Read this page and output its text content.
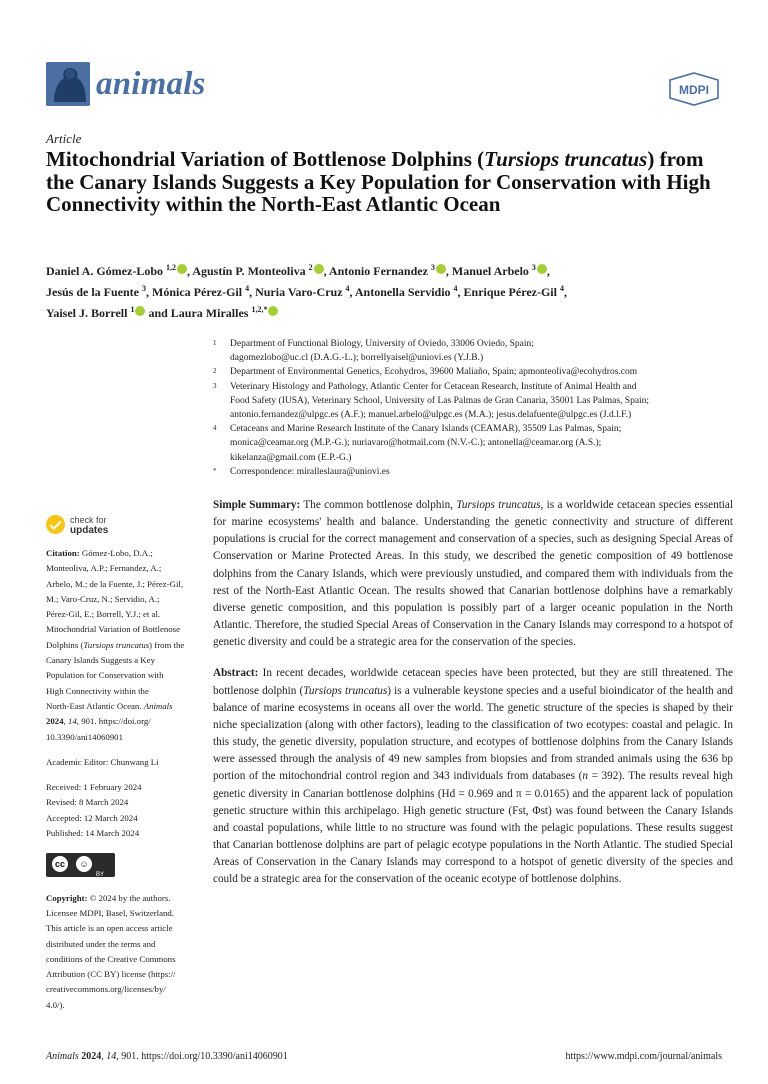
animals	MDPI
Article
Mitochondrial Variation of Bottlenose Dolphins (Tursiops truncatus) from the Canary Islands Suggests a Key Population for Conservation with High Connectivity within the North-East Atlantic Ocean
Daniel A. Gómez-Lobo $^{1,2}$ , Agustín P. Monteoliva $^2$ , Antonio Fernandez $^3$ , Manuel Arbelo $^3$ ,
Jesús de la Fuente $^3$, Mónica Pérez-Gil $^4$, Nuria Varo-Cruz $^4$, Antonella Servidio $^4$, Enrique Pérez-Gil $^4$,
Yaisel J. Borrell $^1$ and Laura Miralles $^{1,2,*}$
1	Department of Functional Biology, University of Oviedo, 33006 Oviedo, Spain;
dagomezlobo@uc.cl (D.A.G.-L.); borrellyaisel@uniovi.es (Y.J.B.)
2	Department of Environmental Genetics, Ecohydros, 39600 Maliaño, Spain; apmonteoliva@ecohydros.com
3	Veterinary Histology and Pathology, Atlantic Center for Cetacean Research, Institute of Animal Health and
Food Safety (IUSA), Veterinary School, University of Las Palmas de Gran Canaria, 35001 Las Palmas, Spain;
antonio.fernandez@ulpgc.es (A.F.); manuel.arbelo@ulpgc.es (M.A.); jesus.delafuente@ulpgc.es (J.d.l.F.)
4	Cetaceans and Marine Research Institute of the Canary Islands (CEAMAR), 35509 Las Palmas, Spain;
monica@ceamar.org (M.P.-G.); nuriavaro@hotmail.com (N.V.-C.); antonella@ceamar.org (A.S.);
kikelanza@gmail.com (E.P.-G.)
*	Correspondence: miralleslaura@uniovi.es
check for
updates
Citation: Gómez-Lobo, D.A.;
Monteoliva, A.P.; Fernandez, A.;
Arbelo, M.; de la Fuente, J.; Pérez-Gil,
M.; Varo-Cruz, N.; Servidio, A.;
Pérez-Gil, E.; Borrell, Y.J.; et al.
Mitochondrial Variation of Bottlenose
Dolphins (Tursiops truncatus) from the
Canary Islands Suggests a Key
Population for Conservation with
High Connectivity within the
North-East Atlantic Ocean. Animals
2024, 14, 901. https://doi.org/
10.3390/ani14060901
Academic Editor: Chunwang Li
Received: 1 February 2024
Revised: 8 March 2024
Accepted: 12 March 2024
Published: 14 March 2024
cc	☺
BY
Copyright: © 2024 by the authors.
Licensee MDPI, Basel, Switzerland.
This article is an open access article
distributed under the terms and
conditions of the Creative Commons
Attribution (CC BY) license (https://
creativecommons.org/licenses/by/
4.0/).

Simple Summary: The common bottlenose dolphin, Tursiops truncatus, is a worldwide cetacean species essential for marine ecosystems' health and balance. Understanding the genetic connectivity and structure of different populations is crucial for the correct management and conservation of a species, such as designing Special Areas of Conservation or Marine Protected Areas. In this study, we described the genetic composition of 49 bottlenose dolphins from the Canary Islands, which were previously unstudied, and compared them with individuals from the rest of the North-East Atlantic Ocean. The results showed that Canarian bottlenose dolphins have a remarkably diverse genetic composition, and this population is possibly part of a larger oceanic population in the North Atlantic. Therefore, the studied Special Areas of Conservation in the Canary Islands may correspond to a hotspot of genetic diversity and could be a strategic area for the conservation of the species.

Abstract: In recent decades, worldwide cetacean species have been protected, but they are still threatened. The bottlenose dolphin (Tursiops truncatus) is a vulnerable keystone species and a useful bioindicator of the health and balance of marine ecosystems in oceans all over the world. The genetic structure of the species is shaped by their niche specialization (along with other factors), leading to the classification of two ecotypes: coastal and pelagic. In this study, the genetic diversity, population structure, and ecotypes of bottlenose dolphins from the Canary Islands were assessed through the analysis of 49 new samples from biopsies and from stranded animals using the 636 bp portion of the mitochondrial control region and 343 individuals from databases (n = 392). The results reveal high genetic diversity in Canarian bottlenose dolphins (Hd = 0.969 and π = 0.0165) and the apparent lack of population genetic structure within this archipelago. High genetic structure (Fst, Φst) was found between the Canary Islands and coastal populations, while little to no structure was found with the pelagic populations. These results suggest that Canarian bottlenose dolphins are part of pelagic ecotype populations in the North Atlantic. The studied Special Areas of Conservation in the Canary Islands may correspond to a hotspot of genetic diversity of the species and could be a strategic area for the conservation of the oceanic ecotype of bottlenose dolphins.

Animals 2024, 14, 901. https://doi.org/10.3390/ani14060901	https://www.mdpi.com/journal/animals
